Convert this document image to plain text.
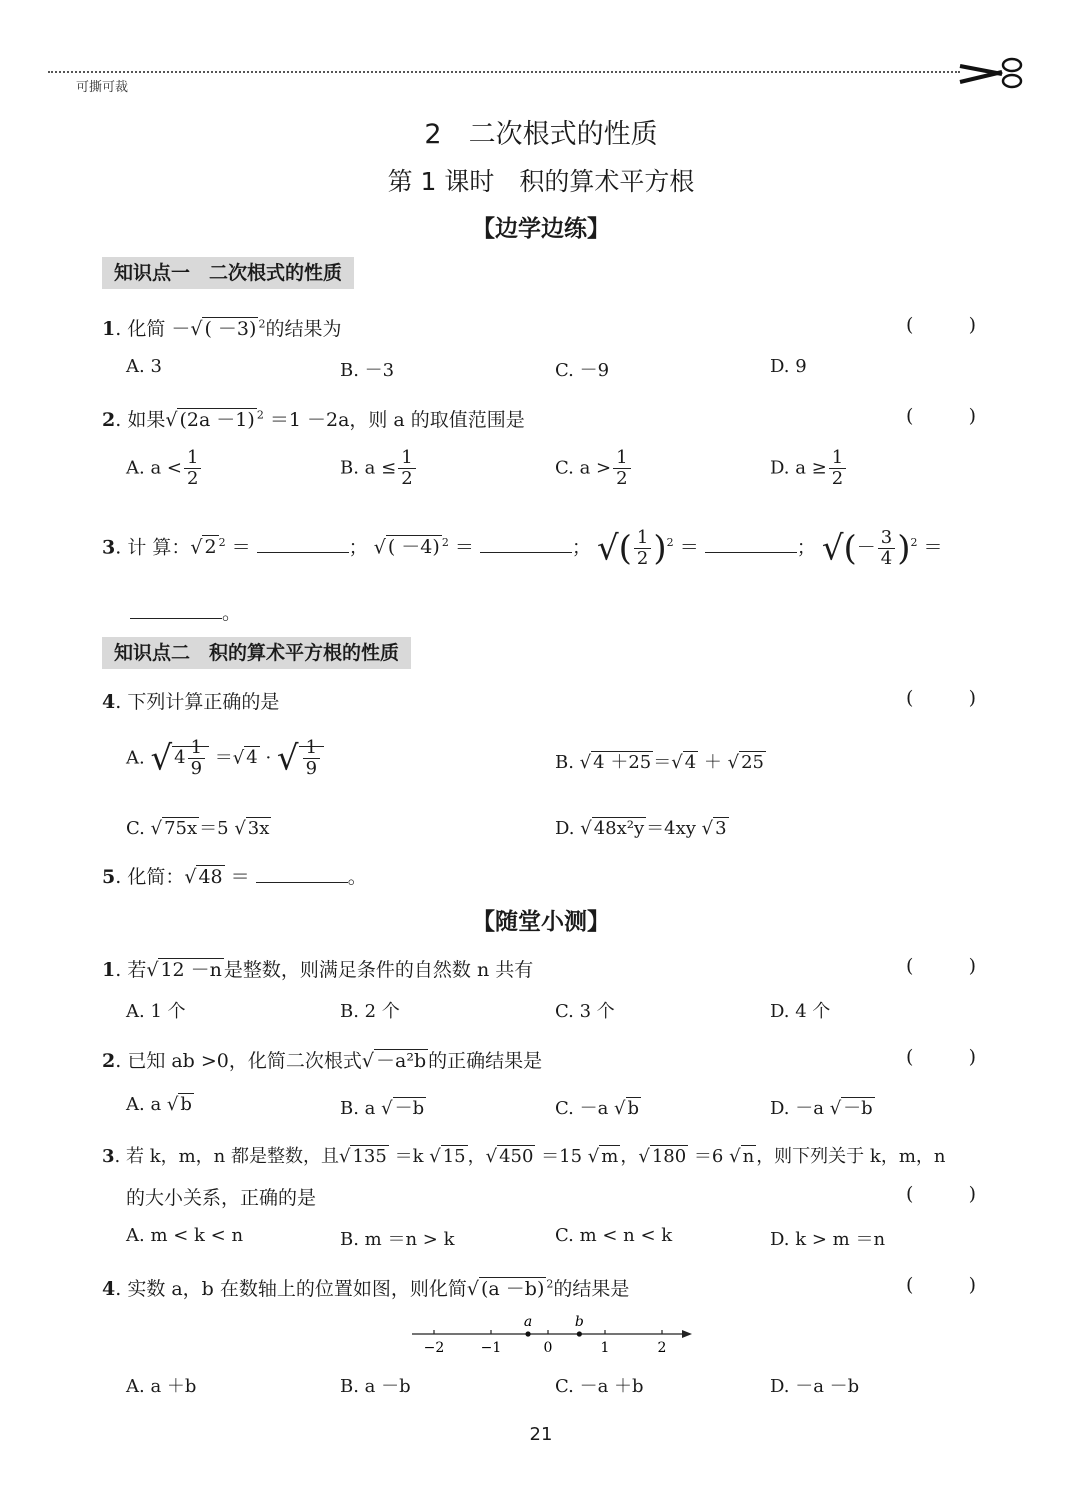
可撕可裁
2　二次根式的性质
第 1 课时　积的算术平方根
【边学边练】
知识点一　二次根式的性质
1. 化简 －√ ( －3) $^2$的结果为	(	)
A. 3	B. －3	C. －9	D. 9
2. 如果√ (2a －1) $^2$ ＝1 －2a，则 a 的取值范围是	(	)
A. $a < \frac{1}{2}$	B. $a \le \frac{1}{2}$	C. $a > \frac{1}{2}$	D. $a \ge \frac{1}{2}$
3. 计 算：√ 2 $^2$ ＝	； √ ( －4) $^2$ ＝	； √( $\frac{1}{2} )^2$ ＝	； √(－ $\frac{3}{4} )^2$ ＝
。
知识点二　积的算术平方根的性质
4. 下列计算正确的是	(	)
A. √ $4 \frac{1}{9}$ ＝√ 4 · √ $\frac{1}{9}$	B. √ 4 ＋25 ＝√ 4 ＋ √ 25
C. √ 75x ＝5 √ 3x	D. √ 48x²y ＝4xy √ 3
5. 化简：√ 48 ＝	。
【随堂小测】
1. 若√ 12 －n 是整数，则满足条件的自然数 n 共有	(	)
A. 1 个	B. 2 个	C. 3 个	D. 4 个
2. 已知 ab >0，化简二次根式√ －a²b 的正确结果是	(	)
A. a √ b	B. a √ －b	C. －a √ b	D. －a √ －b
3. 若 k，m，n 都是整数，且√ 135 ＝k √ 15 ，√ 450 ＝15 √ m ，√ 180 ＝6 √ n ，则下列关于 k，m，n
的大小关系，正确的是	(	)
A. m < k < n	B. m ＝n > k	C. m < n < k	D. k > m ＝n
4. 实数 a，b 在数轴上的位置如图，则化简√ (a －b) $^2$的结果是	(	)
−2	−1	0	1	2
a	b
A. a ＋b	B. a －b	C. －a ＋b	D. －a －b
21
